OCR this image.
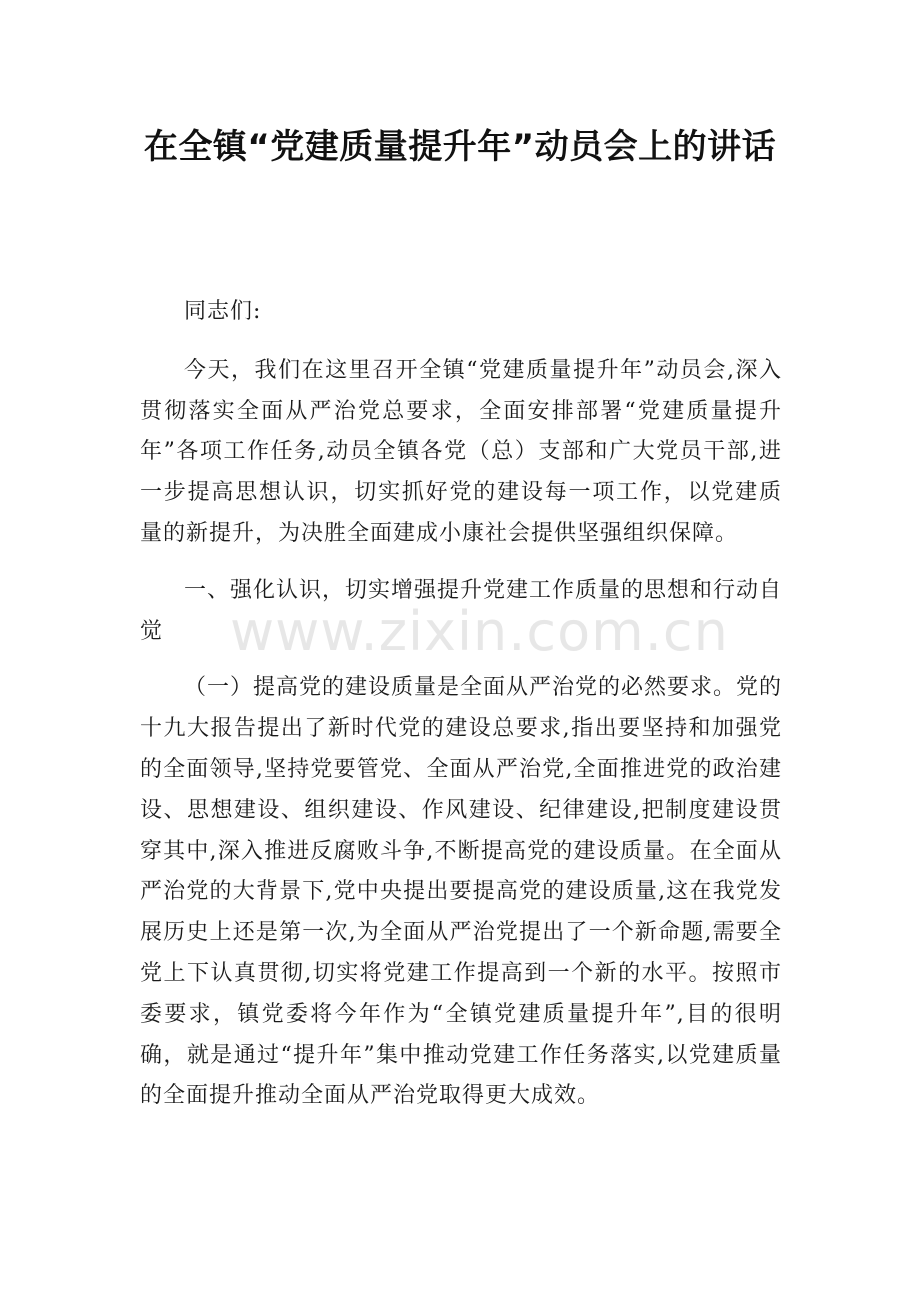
在全镇“党建质量提升年”动员会上的讲话

同志们:

今天，我们在这里召开全镇“党建质量提升年”动员会,深入贯彻落实全面从严治党总要求，全面安排部署“党建质量提升年”各项工作任务,动员全镇各党（总）支部和广大党员干部,进一步提高思想认识，切实抓好党的建设每一项工作，以党建质量的新提升，为决胜全面建成小康社会提供坚强组织保障。

一、强化认识，切实增强提升党建工作质量的思想和行动自觉

（一）提高党的建设质量是全面从严治党的必然要求。党的十九大报告提出了新时代党的建设总要求,指出要坚持和加强党的全面领导,坚持党要管党、全面从严治党,全面推进党的政治建设、思想建设、组织建设、作风建设、纪律建设,把制度建设贯穿其中,深入推进反腐败斗争,不断提高党的建设质量。在全面从严治党的大背景下,党中央提出要提高党的建设质量,这在我党发展历史上还是第一次,为全面从严治党提出了一个新命题,需要全党上下认真贯彻,切实将党建工作提高到一个新的水平。按照市委要求，镇党委将今年作为“全镇党建质量提升年”,目的很明确，就是通过“提升年”集中推动党建工作任务落实,以党建质量的全面提升推动全面从严治党取得更大成效。

www.zixin.com.cn
